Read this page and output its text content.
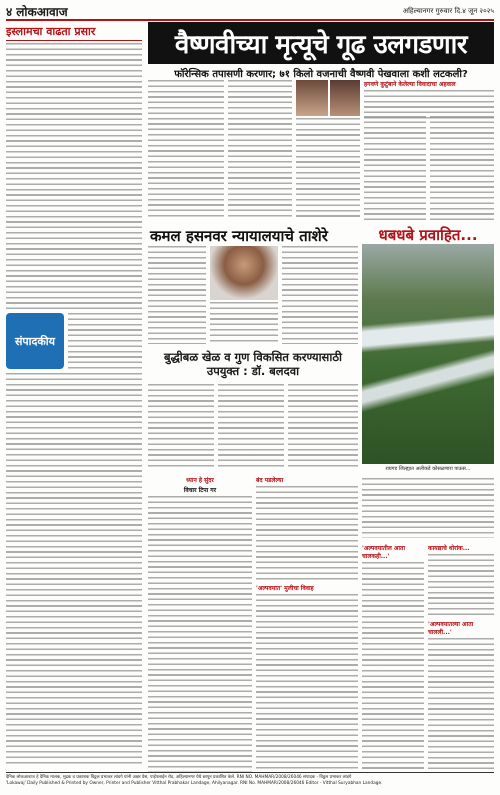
४ लोकआवाज	अहिल्यानगर गुरुवार दि.४ जून २०२५
इस्लामचा वाढता प्रसार
संपादकीय
वैष्णवीच्या मृत्यूचे गूढ उलगडणार
फॉरेन्सिक तपासणी करणार; ७१ किलो वजनाची वैष्णवी पेखवाला कशी लटकली?
हगवणे कुटुंबाने केलेल्या विवादाचा अहवाल
कमल हसनवर न्यायालयाचे ताशेरे	धबधबे प्रवाहित...
रायगड जिल्ह्यात अलीकडे कोसळणारा पाऊस...
बुद्धीबळ खेळ व गुण विकसित करण्यासाठी उपयुक्त : डॉ. बलदवा
ध्यान हे सुंदर
विचार टिपा गर
बंद पडलेल्या
'अल्पवयात' मुलीचा विवाह
'अल्पवयातील आता चालकही...'
कायद्याचे धोरांक...
'अल्पवयातल्या आता चालली...'
दैनिक लोकआवाज हे दैनिक मालक, मुद्रक व प्रकाशक विठ्ठल प्रभाकर लांडगे यांनी अक्षर प्रेस, पाईपलाईन रोड, अहिल्यानगर येथे छापून प्रकाशित केले. RNI NO. MAHMAR/2008/26046 संपादक - विठ्ठल प्रभाकर लांडगे
'Lokawaj' Daily Published & Printed by Owner, Printer and Publisher Vitthal Prabhakar Landage, Ahilyanagar. RNI No. MAHMAR/2008/26046 Editor - Vitthal Suryabhan Landage.
